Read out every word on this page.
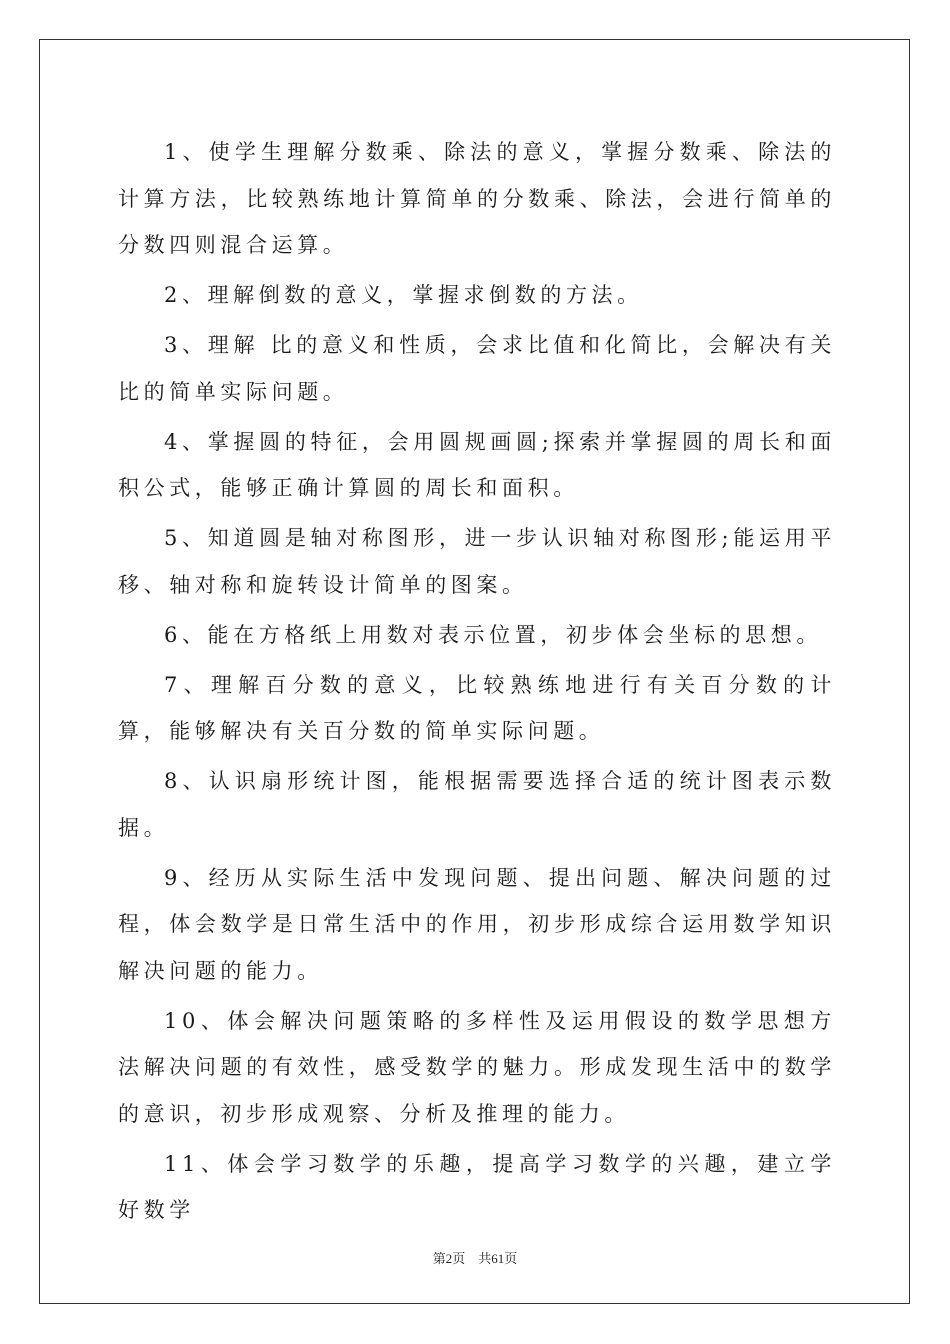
1、使学生理解分数乘、除法的意义，掌握分数乘、除法的计算方法，比较熟练地计算简单的分数乘、除法，会进行简单的分数四则混合运算。

2、理解倒数的意义，掌握求倒数的方法。

3、理解 比的意义和性质，会求比值和化简比，会解决有关比的简单实际问题。

4、掌握圆的特征，会用圆规画圆;探索并掌握圆的周长和面积公式，能够正确计算圆的周长和面积。

5、知道圆是轴对称图形，进一步认识轴对称图形;能运用平移、轴对称和旋转设计简单的图案。

6、能在方格纸上用数对表示位置，初步体会坐标的思想。

7、理解百分数的意义，比较熟练地进行有关百分数的计算，能够解决有关百分数的简单实际问题。

8、认识扇形统计图，能根据需要选择合适的统计图表示数据。

9、经历从实际生活中发现问题、提出问题、解决问题的过程，体会数学是日常生活中的作用，初步形成综合运用数学知识解决问题的能力。

10、体会解决问题策略的多样性及运用假设的数学思想方法解决问题的有效性，感受数学的魅力。形成发现生活中的数学的意识，初步形成观察、分析及推理的能力。

11、体会学习数学的乐趣，提高学习数学的兴趣，建立学好数学

第2页　共61页
